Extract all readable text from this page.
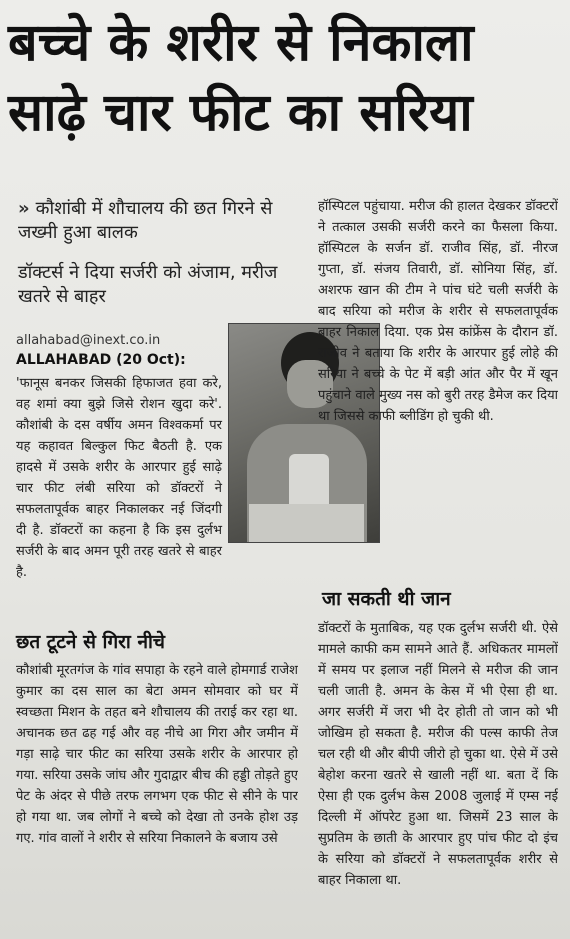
बच्चे के शरीर से निकाला
साढ़े चार फीट का सरिया
» कौशांबी में शौचालय की छत गिरने से जख्मी हुआ बालक
डॉक्टर्स ने दिया सर्जरी को अंजाम, मरीज खतरे से बाहर
allahabad@inext.co.in
ALLAHABAD (20 Oct):
'फानूस बनकर जिसकी हिफाजत हवा करे, वह शमां क्या बुझे जिसे रोशन खुदा करे'. कौशांबी के दस वर्षीय अमन विश्वकर्मा पर यह कहावत बिल्कुल फिट बैठती है. एक हादसे में उसके शरीर के आरपार हुई साढ़े चार फीट लंबी सरिया को डॉक्टरों ने सफलतापूर्वक बाहर निकालकर नई जिंदगी दी है. डॉक्टरों का कहना है कि इस दुर्लभ सर्जरी के बाद अमन पूरी तरह खतरे से बाहर है.
छत टूटने से गिरा नीचे
कौशांबी मूरतगंज के गांव सपाहा के रहने वाले होमगार्ड राजेश कुमार का दस साल का बेटा अमन सोमवार को घर में स्वच्छता मिशन के तहत बने शौचालय की तराई कर रहा था. अचानक छत ढह गई और वह नीचे आ गिरा और जमीन में गड़ा साढ़े चार फीट का सरिया उसके शरीर के आरपार हो गया. सरिया उसके जांघ और गुदाद्वार बीच की हड्डी तोड़ते हुए पेट के अंदर से पीछे तरफ लगभग एक फीट से सीने के पार हो गया था. जब लोगों ने बच्चे को देखा तो उनके होश उड़ गए. गांव वालों ने शरीर से सरिया निकालने के बजाय उसे
हॉस्पिटल पहुंचाया. मरीज की हालत देखकर डॉक्टरों ने तत्काल उसकी सर्जरी करने का फैसला किया. हॉस्पिटल के सर्जन डॉ. राजीव सिंह, डॉ. नीरज गुप्ता, डॉ. संजय तिवारी, डॉ. सोनिया सिंह, डॉ. अशरफ खान की टीम ने पांच घंटे चली सर्जरी के बाद सरिया को मरीज के शरीर से सफलतापूर्वक बाहर निकाल दिया. एक प्रेस कांफ्रेंस के दौरान डॉ. राजीव ने बताया कि शरीर के आरपार हुई लोहे की सरिया ने बच्चे के पेट में बड़ी आंत और पैर में खून पहुंचाने वाले मुख्य नस को बुरी तरह डैमेज कर दिया था जिससे काफी ब्लीडिंग हो चुकी थी.
जा सकती थी जान
डॉक्टरों के मुताबिक, यह एक दुर्लभ सर्जरी थी. ऐसे मामले काफी कम सामने आते हैं. अधिकतर मामलों में समय पर इलाज नहीं मिलने से मरीज की जान चली जाती है. अमन के केस में भी ऐसा ही था. अगर सर्जरी में जरा भी देर होती तो जान को भी जोखिम हो सकता है. मरीज की पल्स काफी तेज चल रही थी और बीपी जीरो हो चुका था. ऐसे में उसे बेहोश करना खतरे से खाली नहीं था. बता दें कि ऐसा ही एक दुर्लभ केस 2008 जुलाई में एम्स नई दिल्ली में ऑपरेट हुआ था. जिसमें 23 साल के सुप्रतिम के छाती के आरपार हुए पांच फीट दो इंच के सरिया को डॉक्टरों ने सफलतापूर्वक शरीर से बाहर निकाला था.
